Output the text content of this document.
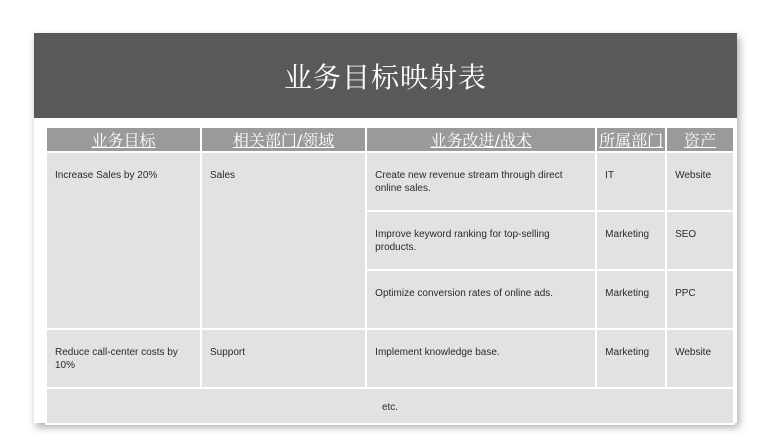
业务目标映射表
业务目标	相关部门/领域	业务改进/战术	所属部门	资产
Increase Sales by 20%	Sales	Create new revenue stream through direct online sales.	IT	Website
		Improve keyword ranking for top-selling products.	Marketing	SEO
		Optimize conversion rates of online ads.	Marketing	PPC
Reduce call-center costs by 10%	Support	Implement knowledge base.	Marketing	Website
etc.				
